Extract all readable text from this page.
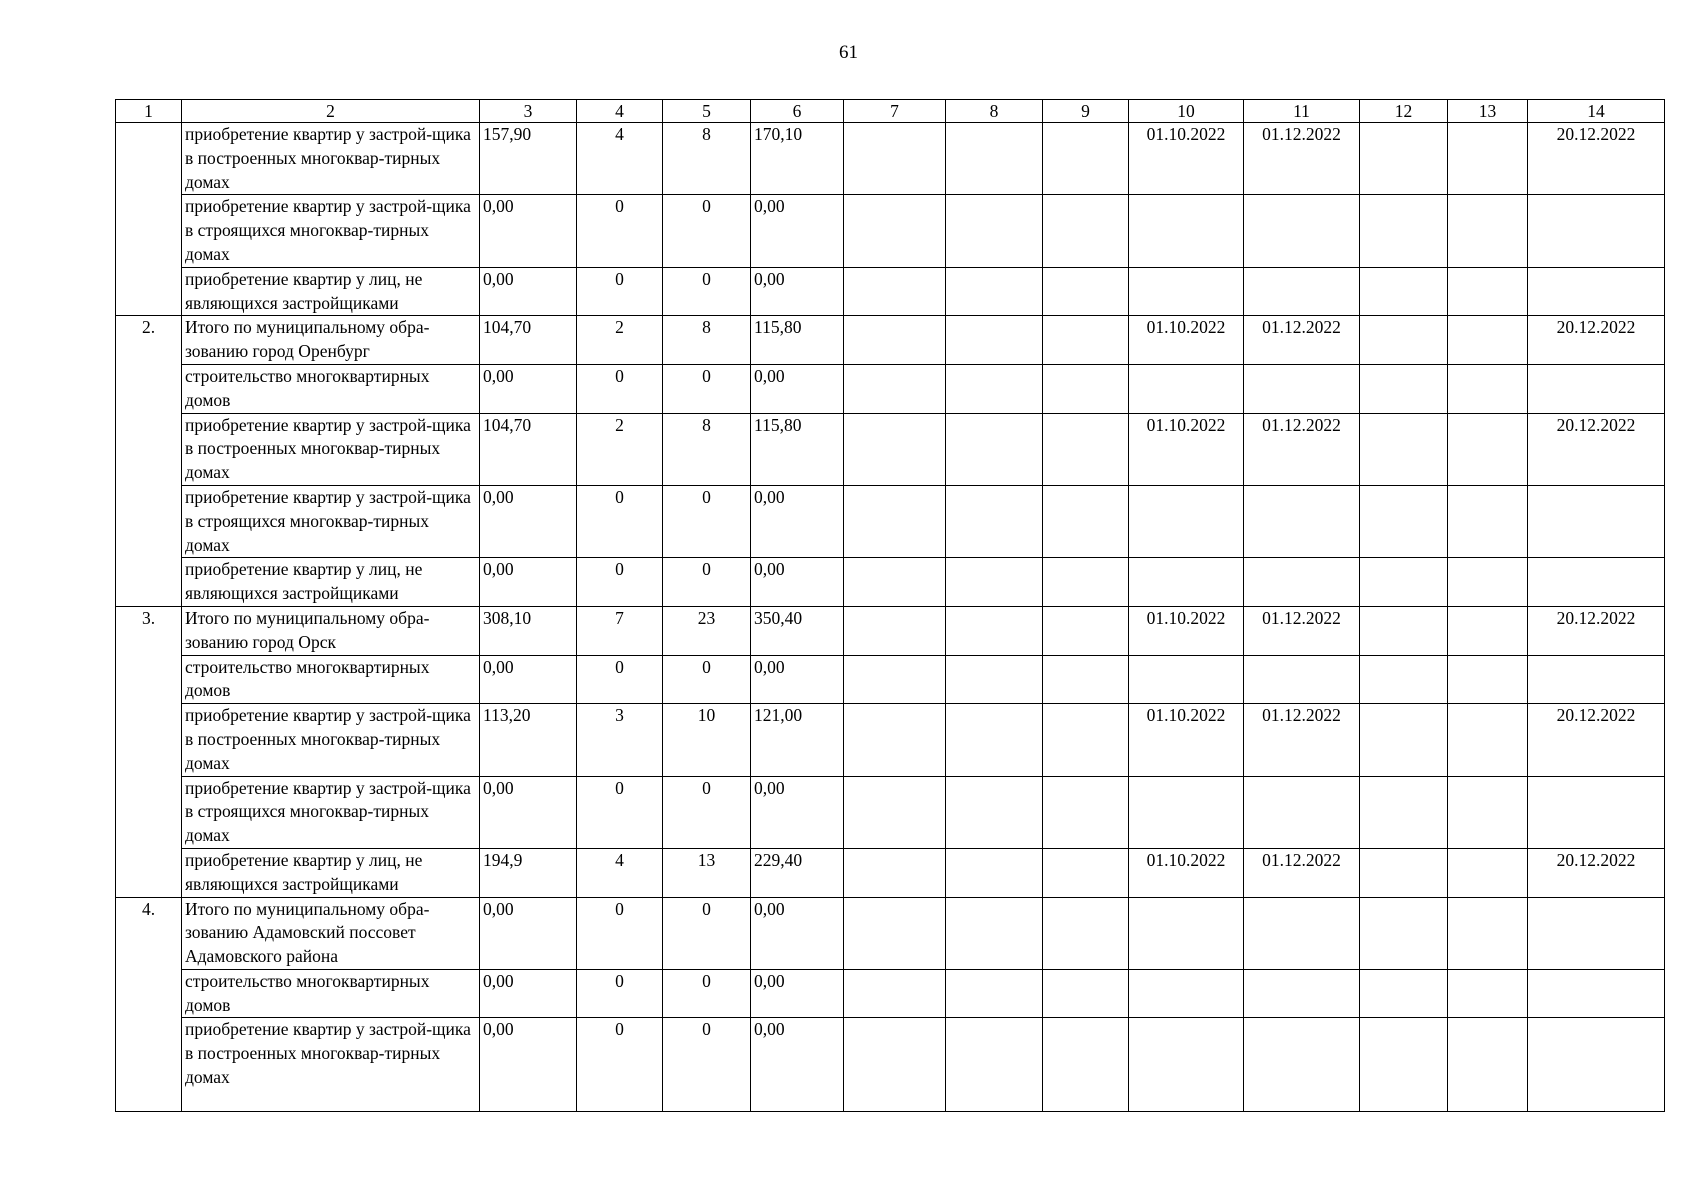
61
1	2	3	4	5	6	7	8	9	10	11	12	13	14
	приобретение квартир у застрой-щика в построенных многоквар-тирных домах	157,90	4	8	170,10				01.10.2022	01.12.2022			20.12.2022
	приобретение квартир у застрой-щика в строящихся многоквар-тирных домах	0,00	0	0	0,00								
	приобретение квартир у лиц, не являющихся застройщиками	0,00	0	0	0,00								
2.	Итого по муниципальному обра-зованию город Оренбург	104,70	2	8	115,80				01.10.2022	01.12.2022			20.12.2022
	строительство многоквартирных домов	0,00	0	0	0,00								
	приобретение квартир у застрой-щика в построенных многоквар-тирных домах	104,70	2	8	115,80				01.10.2022	01.12.2022			20.12.2022
	приобретение квартир у застрой-щика в строящихся многоквар-тирных домах	0,00	0	0	0,00								
	приобретение квартир у лиц, не являющихся застройщиками	0,00	0	0	0,00								
3.	Итого по муниципальному обра-зованию город Орск	308,10	7	23	350,40				01.10.2022	01.12.2022			20.12.2022
	строительство многоквартирных домов	0,00	0	0	0,00								
	приобретение квартир у застрой-щика в построенных многоквар-тирных домах	113,20	3	10	121,00				01.10.2022	01.12.2022			20.12.2022
	приобретение квартир у застрой-щика в строящихся многоквар-тирных домах	0,00	0	0	0,00								
	приобретение квартир у лиц, не являющихся застройщиками	194,9	4	13	229,40				01.10.2022	01.12.2022			20.12.2022
4.	Итого по муниципальному обра-зованию Адамовский поссовет Адамовского района	0,00	0	0	0,00								
	строительство многоквартирных домов	0,00	0	0	0,00								
	приобретение квартир у застрой-щика в построенных многоквар-тирных домах	0,00	0	0	0,00								
